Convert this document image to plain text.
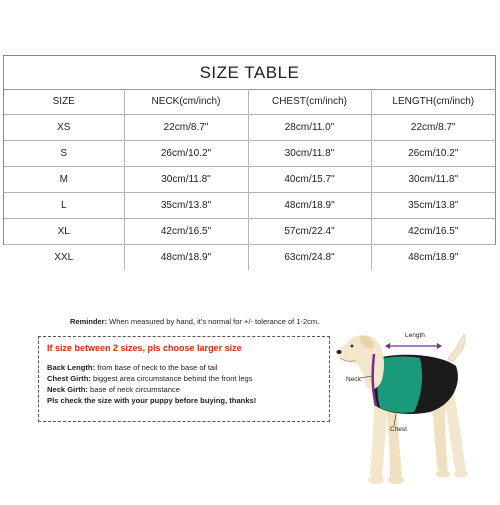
SIZE TABLE
SIZE	NECK(cm/inch)	CHEST(cm/inch)	LENGTH(cm/inch)
XS	22cm/8.7"	28cm/11.0"	22cm/8.7"
S	26cm/10.2"	30cm/11.8"	26cm/10.2"
M	30cm/11.8"	40cm/15.7"	30cm/11.8"
L	35cm/13.8"	48cm/18.9"	35cm/13.8"
XL	42cm/16.5"	57cm/22.4"	42cm/16.5"
XXL	48cm/18.9"	63cm/24.8"	48cm/18.9"
Reminder: When measured by hand, it's normal for +/- tolerance of 1-2cm.
If size between 2 sizes, pls choose larger size
Back Length: from base of neck to the base of tail
Chest Girth: biggest area circumstance behind the front legs
Neck Girth: base of neck circumstance
Pls check the size with your puppy before buying, thanks!
Length
Neck
Chest
